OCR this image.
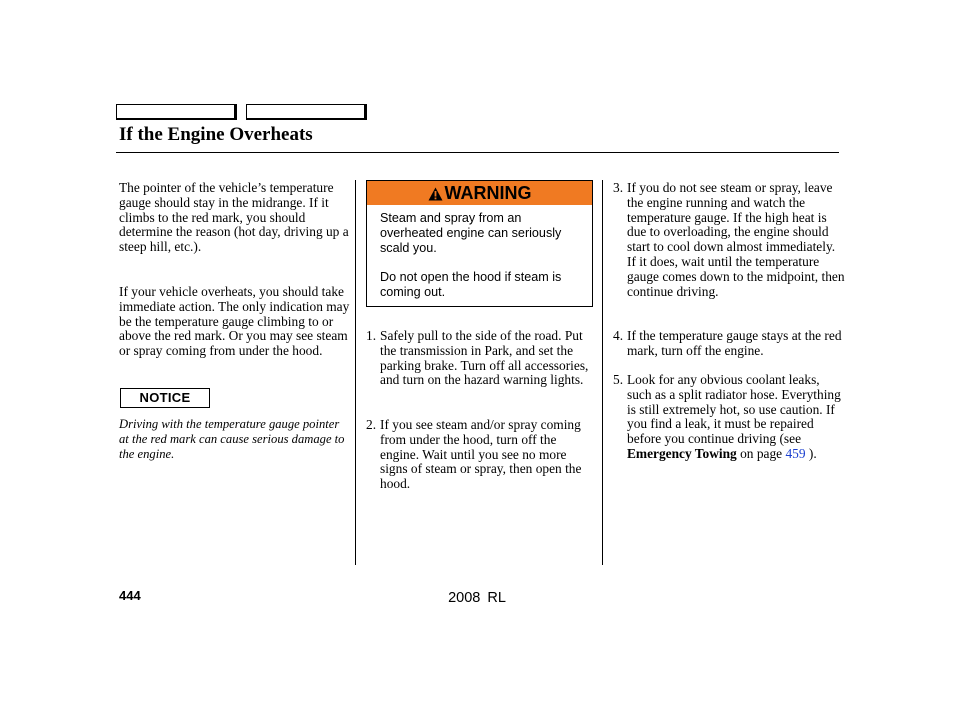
If the Engine Overheats

The pointer of the vehicle’s temperature gauge should stay in the midrange. If it climbs to the red mark, you should determine the reason (hot day, driving up a steep hill, etc.).

If your vehicle overheats, you should take immediate action. The only indication may be the temperature gauge climbing to or above the red mark. Or you may see steam or spray coming from under the hood.

NOTICE

Driving with the temperature gauge pointer at the red mark can cause serious damage to the engine.

WARNING

Steam and spray from an overheated engine can seriously scald you.

Do not open the hood if steam is coming out.

1. Safely pull to the side of the road. Put the transmission in Park, and set the parking brake. Turn off all accessories, and turn on the hazard warning lights.
2. If you see steam and/or spray coming from under the hood, turn off the engine. Wait until you see no more signs of steam or spray, then open the hood.
3. If you do not see steam or spray, leave the engine running and watch the temperature gauge. If the high heat is due to overloading, the engine should start to cool down almost immediately. If it does, wait until the temperature gauge comes down to the midpoint, then continue driving.
4. If the temperature gauge stays at the red mark, turn off the engine.
5. Look for any obvious coolant leaks, such as a split radiator hose. Everything is still extremely hot, so use caution. If you find a leak, it must be repaired before you continue driving (see Emergency Towing on page 459 ).
444	2008 RL
